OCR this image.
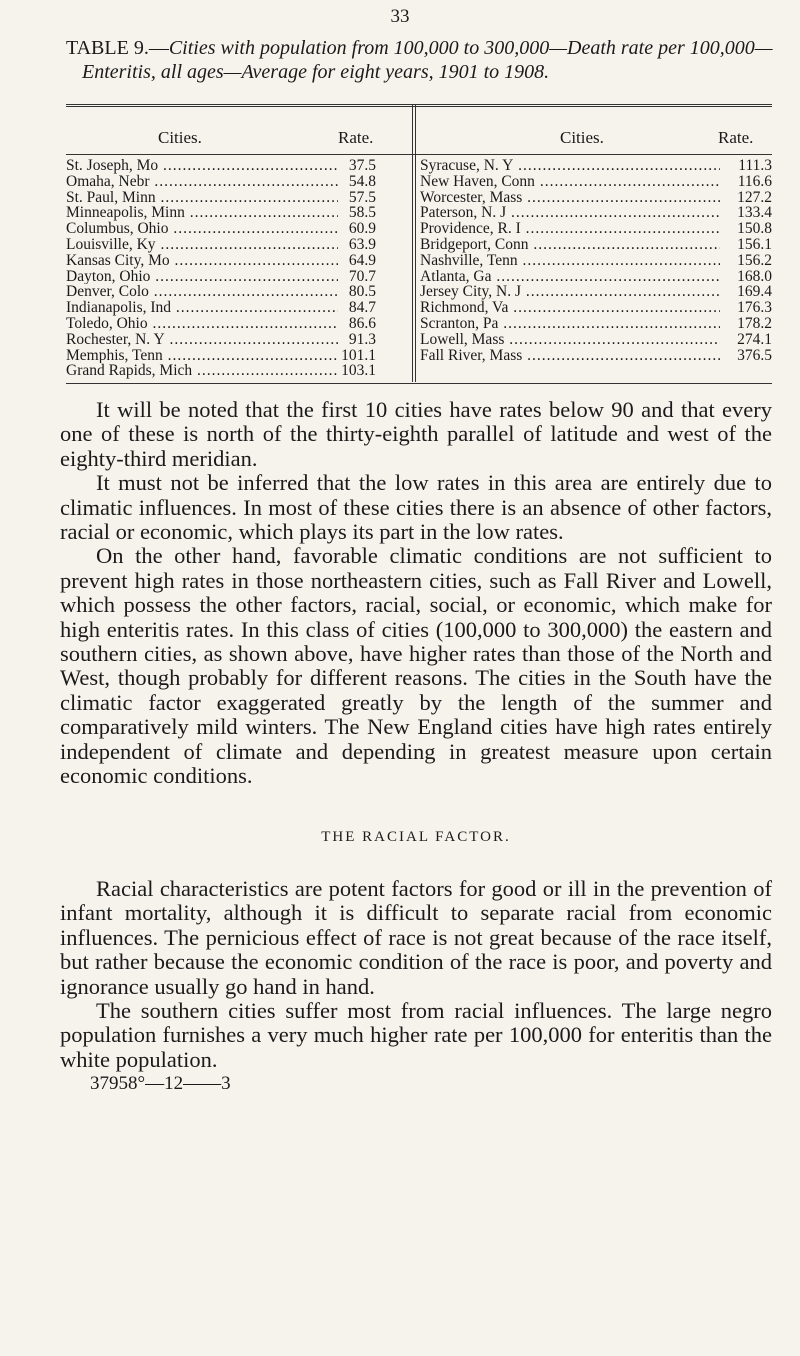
33
TABLE 9.—Cities with population from 100,000 to 300,000—Death rate per 100,000—
Enteritis, all ages—Average for eight years, 1901 to 1908.
Cities.	Rate.	Cities.	Rate.
St. Joseph, Mo .....	37.5	Syracuse, N. Y .....	111.3
Omaha, Nebr .....	54.8	New Haven, Conn .....	116.6
St. Paul, Minn .....	57.5	Worcester, Mass .....	127.2
Minneapolis, Minn .....	58.5	Paterson, N. J .....	133.4
Columbus, Ohio .....	60.9	Providence, R. I .....	150.8
Louisville, Ky .....	63.9	Bridgeport, Conn .....	156.1
Kansas City, Mo .....	64.9	Nashville, Tenn .....	156.2
Dayton, Ohio .....	70.7	Atlanta, Ga .....	168.0
Denver, Colo .....	80.5	Jersey City, N. J .....	169.4
Indianapolis, Ind .....	84.7	Richmond, Va .....	176.3
Toledo, Ohio .....	86.6	Scranton, Pa .....	178.2
Rochester, N. Y .....	91.3	Lowell, Mass .....	274.1
Memphis, Tenn .....	101.1	Fall River, Mass .....	376.5
Grand Rapids, Mich .....	103.1

It will be noted that the first 10 cities have rates below 90 and that every one of these is north of the thirty-eighth parallel of latitude and west of the eighty-third meridian.

It must not be inferred that the low rates in this area are entirely due to climatic influences. In most of these cities there is an absence of other factors, racial or economic, which plays its part in the low rates.

On the other hand, favorable climatic conditions are not sufficient to prevent high rates in those northeastern cities, such as Fall River and Lowell, which possess the other factors, racial, social, or economic, which make for high enteritis rates. In this class of cities (100,000 to 300,000) the eastern and southern cities, as shown above, have higher rates than those of the North and West, though probably for different reasons. The cities in the South have the climatic factor exaggerated greatly by the length of the summer and comparatively mild winters. The New England cities have high rates entirely independent of climate and depending in greatest measure upon certain economic conditions.

THE RACIAL FACTOR.

Racial characteristics are potent factors for good or ill in the prevention of infant mortality, although it is difficult to separate racial from economic influences. The pernicious effect of race is not great because of the race itself, but rather because the economic condition of the race is poor, and poverty and ignorance usually go hand in hand.

The southern cities suffer most from racial influences. The large negro population furnishes a very much higher rate per 100,000 for enteritis than the white population.

37958°—12——3
